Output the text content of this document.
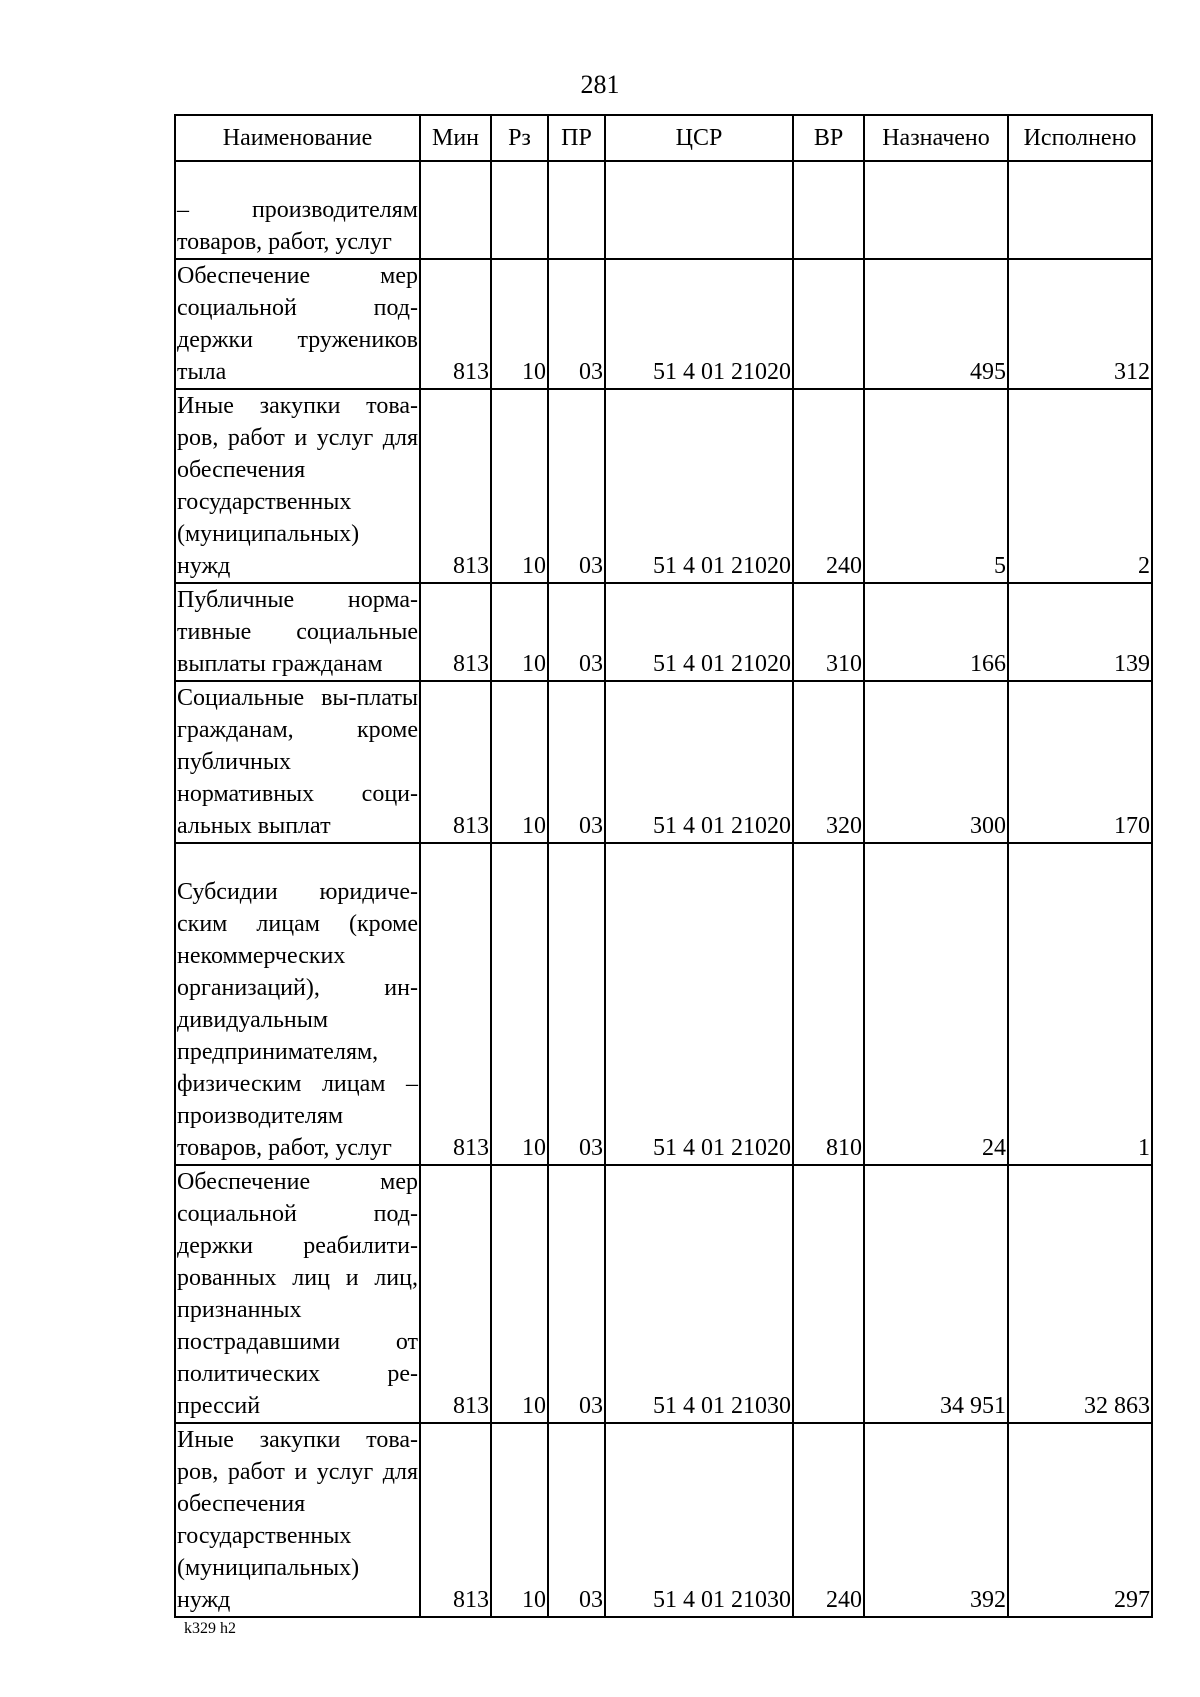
281
Наименование	Мин	Рз	ПР	ЦСР	ВР	Назначено	Исполнено
– производителям товаров, работ, услуг							
Обеспечение мер социальной под-держки тружеников тыла	813	10	03	51 4 01 21020		495	312
Иные закупки това-ров, работ и услуг для обеспечения государственных (муниципальных) нужд	813	10	03	51 4 01 21020	240	5	2
Публичные норма-тивные социальные выплаты гражданам	813	10	03	51 4 01 21020	310	166	139
Социальные вы-платы гражданам, кроме публичных нормативных соци-альных выплат	813	10	03	51 4 01 21020	320	300	170
Субсидии юридиче-ским лицам (кроме некоммерческих организаций), ин-дивидуальным предпринимателям, физическим лицам – производителям товаров, работ, услуг	813	10	03	51 4 01 21020	810	24	1
Обеспечение мер социальной под-держки реабилити-рованных лиц и лиц, признанных пострадавшими от политических ре-прессий	813	10	03	51 4 01 21030		34 951	32 863
Иные закупки това-ров, работ и услуг для обеспечения государственных (муниципальных) нужд	813	10	03	51 4 01 21030	240	392	297
k329 h2
